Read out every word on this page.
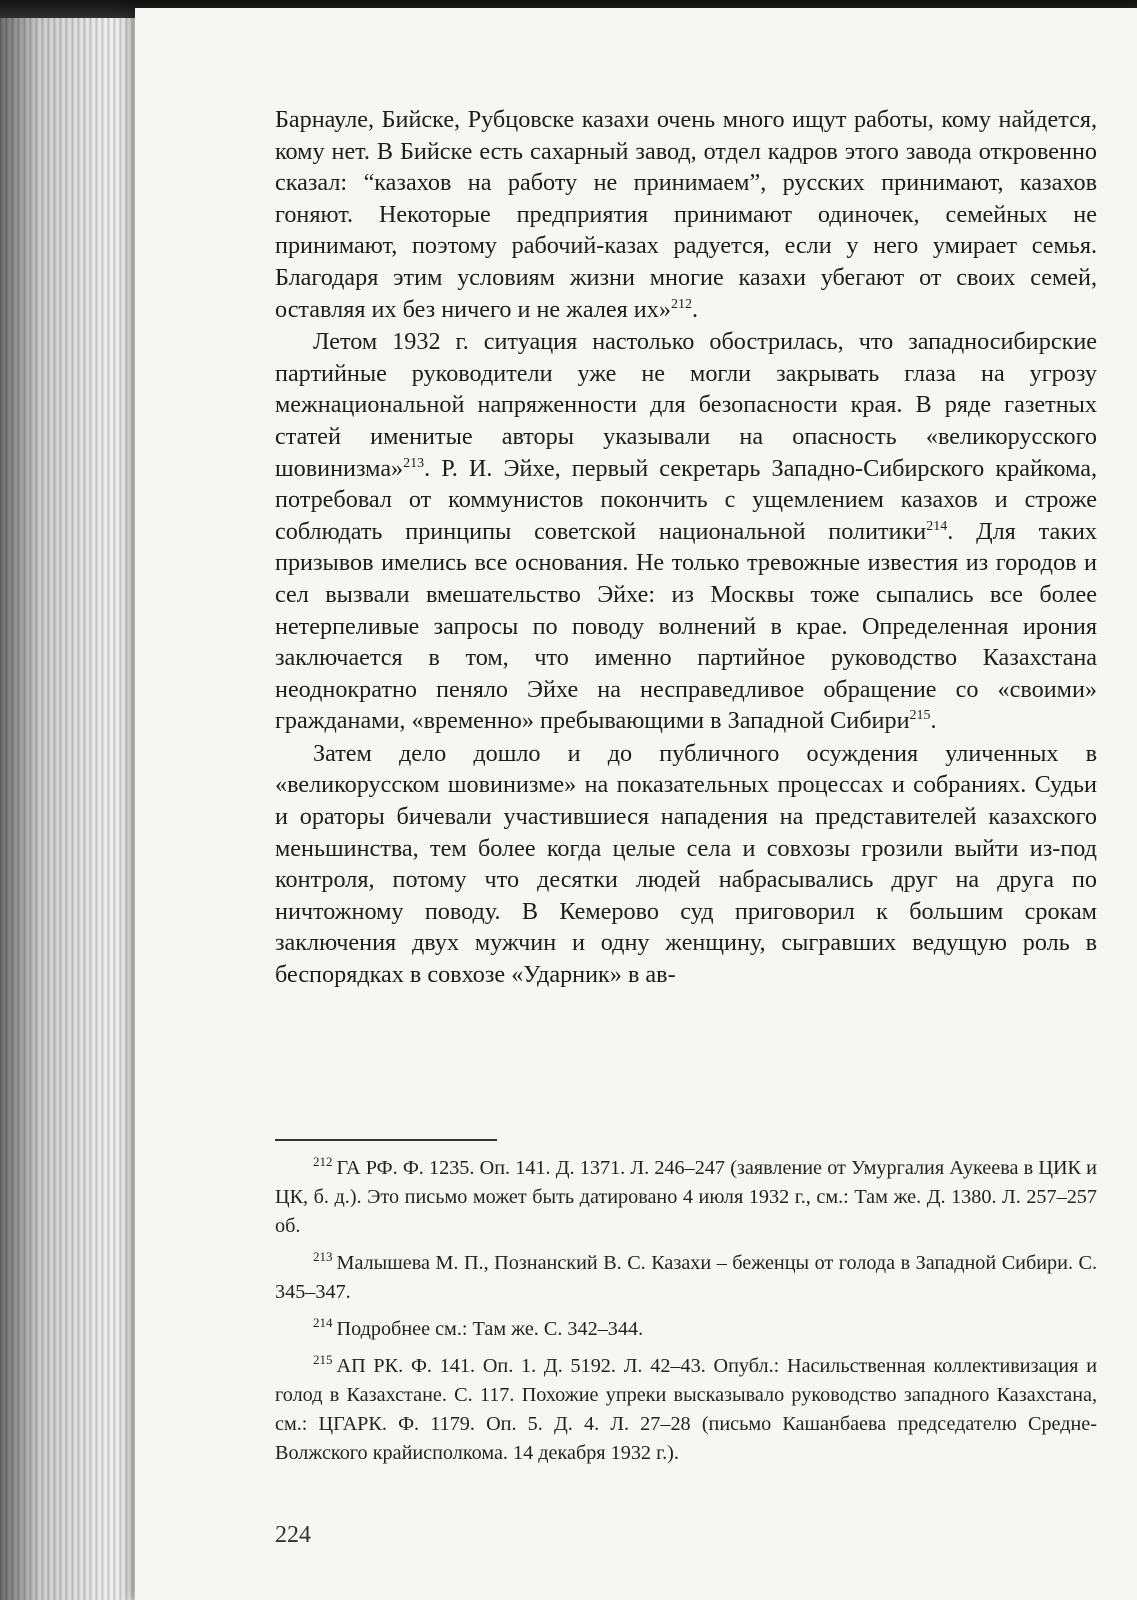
Барнауле, Бийске, Рубцовске казахи очень много ищут работы, кому найдется, кому нет. В Бийске есть сахарный завод, отдел кадров этого завода откровенно сказал: “казахов на работу не принимаем”, русских принимают, казахов гоняют. Некоторые предприятия принимают одиночек, семейных не принимают, поэтому рабочий-казах радуется, если у него умирает семья. Благодаря этим условиям жизни многие казахи убегают от своих семей, оставляя их без ничего и не жалея их»$^{212}$.

Летом 1932 г. ситуация настолько обострилась, что западносибирские партийные руководители уже не могли закрывать глаза на угрозу межнациональной напряженности для безопасности края. В ряде газетных статей именитые авторы указывали на опасность «великорусского шовинизма»$^{213}$. Р. И. Эйхе, первый секретарь Западно-Сибирского крайкома, потребовал от коммунистов покончить с ущемлением казахов и строже соблюдать принципы советской национальной политики$^{214}$. Для таких призывов имелись все основания. Не только тревожные известия из городов и сел вызвали вмешательство Эйхе: из Москвы тоже сыпались все более нетерпеливые запросы по поводу волнений в крае. Определенная ирония заключается в том, что именно партийное руководство Казахстана неоднократно пеняло Эйхе на несправедливое обращение со «своими» гражданами, «временно» пребывающими в Западной Сибири$^{215}$.

Затем дело дошло и до публичного осуждения уличенных в «великорусском шовинизме» на показательных процессах и собраниях. Судьи и ораторы бичевали участившиеся нападения на представителей казахского меньшинства, тем более когда целые села и совхозы грозили выйти из-под контроля, потому что десятки людей набрасывались друг на друга по ничтожному поводу. В Кемерово суд приговорил к большим срокам заключения двух мужчин и одну женщину, сыгравших ведущую роль в беспорядках в совхозе «Ударник» в ав-

$^{212}$ ГА РФ. Ф. 1235. Оп. 141. Д. 1371. Л. 246–247 (заявление от Умургалия Аукеева в ЦИК и ЦК, б. д.). Это письмо может быть датировано 4 июля 1932 г., см.: Там же. Д. 1380. Л. 257–257 об.

$^{213}$ Малышева М. П., Познанский В. С. Казахи – беженцы от голода в Западной Сибири. С. 345–347.

$^{214}$ Подробнее см.: Там же. С. 342–344.

$^{215}$ АП РК. Ф. 141. Оп. 1. Д. 5192. Л. 42–43. Опубл.: Насильственная коллективизация и голод в Казахстане. С. 117. Похожие упреки высказывало руководство западного Казахстана, см.: ЦГАРК. Ф. 1179. Оп. 5. Д. 4. Л. 27–28 (письмо Кашанбаева председателю Средне-Волжского крайисполкома. 14 декабря 1932 г.).

224
